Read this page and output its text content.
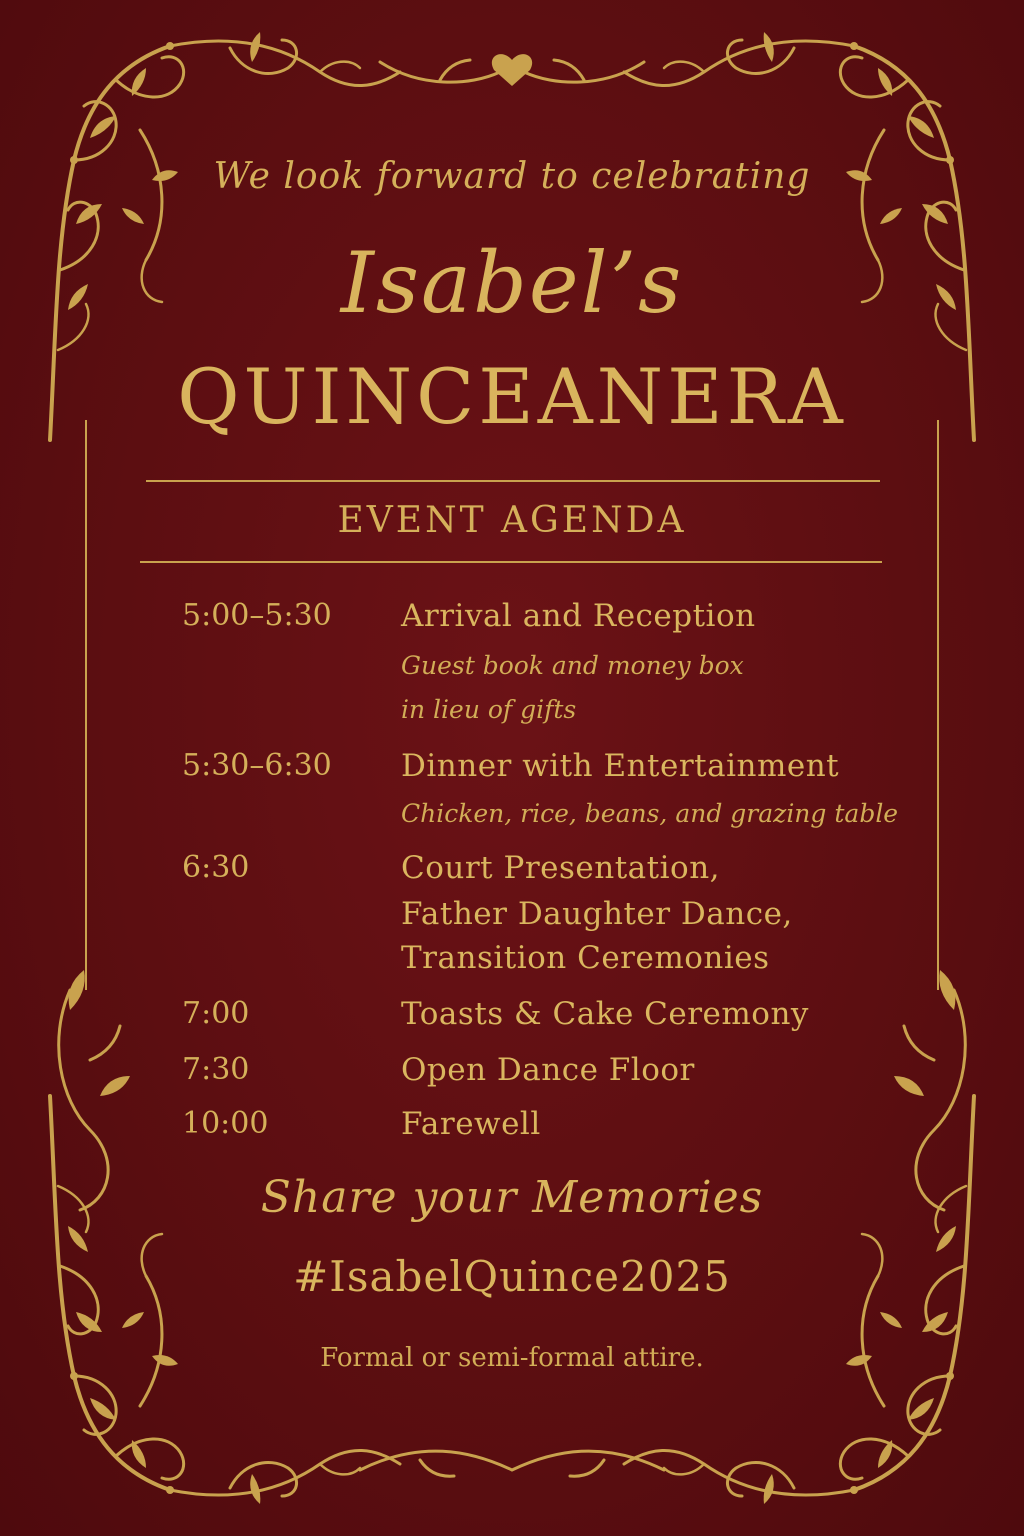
We look forward to celebrating

Isabel’s

QUINCEANERA

EVENT AGENDA

5:00–5:30 Arrival and Reception

Guest book and money box

in lieu of gifts

5:30–6:30 Dinner with Entertainment

Chicken, rice, beans, and grazing table

6:30	Court Presentation,

Father Daughter Dance,

Transition Ceremonies

7:00	Toasts & Cake Ceremony

7:30	Open Dance Floor

10:00	Farewell

Share your Memories

#IsabelQuince2025

Formal or semi-formal attire.
